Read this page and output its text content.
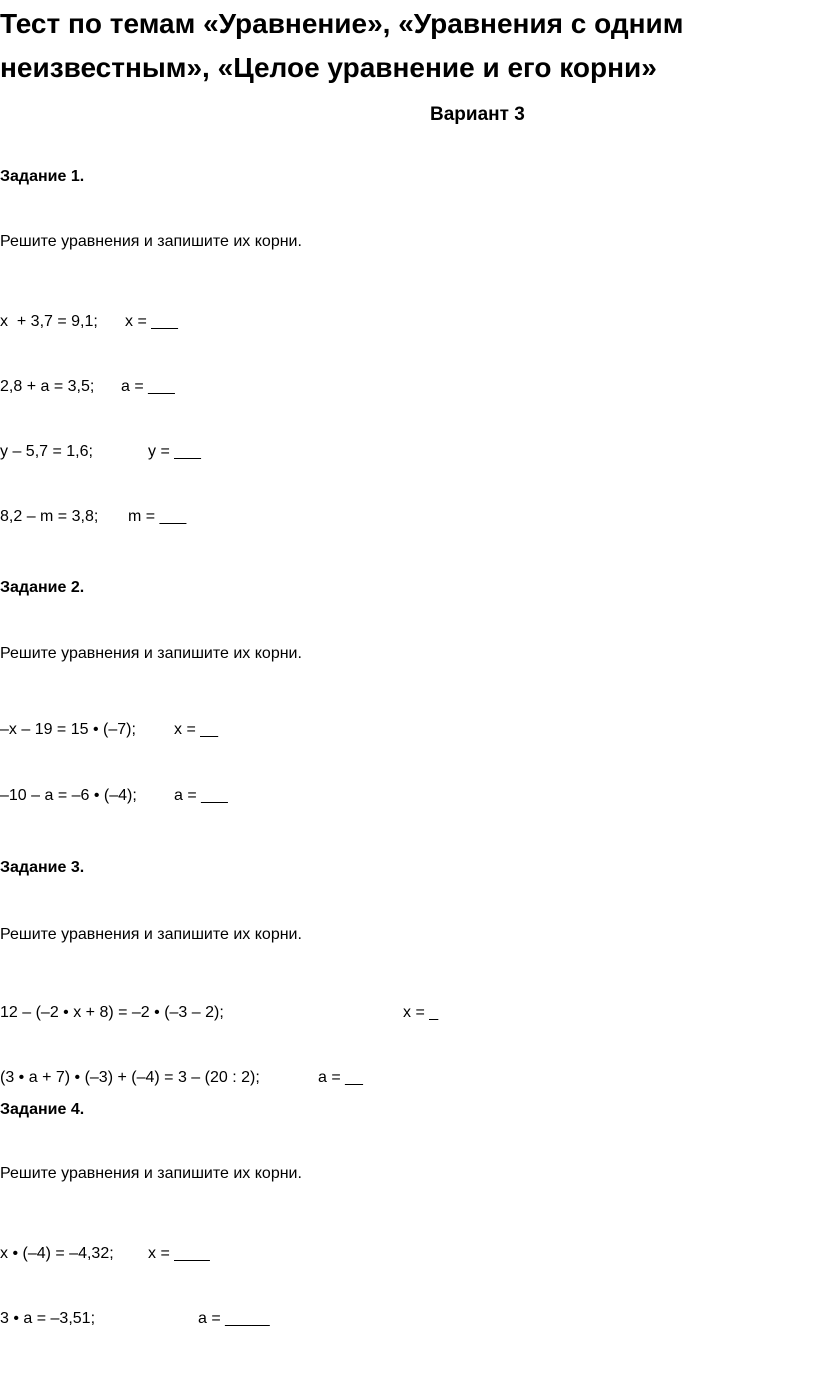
Тест по темам «Уравнение», «Уравнения с одним неизвестным», «Целое уравнение и его корни»
Вариант 3
Задание 1.
Решите уравнения и запишите их корни.
x  + 3,7 = 9,1; x = ___
2,8 + a = 3,5; a = ___
y – 5,7 = 1,6;	y = ___
8,2 – m = 3,8; m = ___
Задание 2.
Решите уравнения и запишите их корни.
–x – 19 = 15 • (–7); x = __
–10 – a = –6 • (–4); a = ___
Задание 3.
Решите уравнения и запишите их корни.
12 – (–2 • x + 8) = –2 • (–3 – 2);	x = _
(3 • a + 7) • (–3) + (–4) = 3 – (20 : 2);	a = __
Задание 4.
Решите уравнения и запишите их корни.
x • (–4) = –4,32; x = ____
3 • a = –3,51;	a = _____
